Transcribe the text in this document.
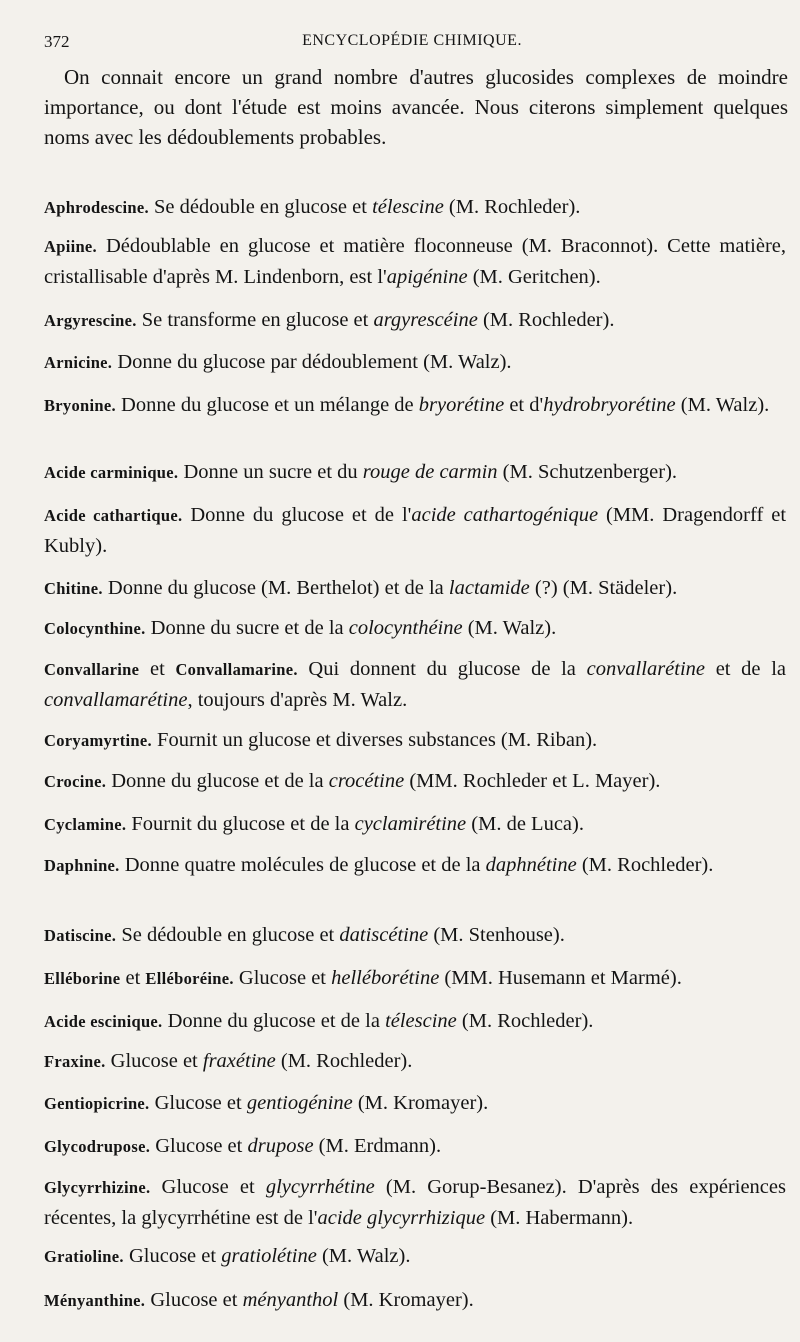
372	ENCYCLOPÉDIE CHIMIQUE.

On connait encore un grand nombre d'autres glucosides complexes de moindre importance, ou dont l'étude est moins avancée. Nous citerons simplement quelques noms avec les dédoublements probables.

Aphrodescine. Se dédouble en glucose et télescine (M. Rochleder).

Apiine. Dédoublable en glucose et matière floconneuse (M. Braconnot). Cette matière, cristallisable d'après M. Lindenborn, est l'apigénine (M. Geritchen).

Argyrescine. Se transforme en glucose et argyrescéine (M. Rochleder).

Arnicine. Donne du glucose par dédoublement (M. Walz).

Bryonine. Donne du glucose et un mélange de bryorétine et d'hydrobryorétine (M. Walz).

Acide carminique. Donne un sucre et du rouge de carmin (M. Schutzenberger).

Acide cathartique. Donne du glucose et de l'acide cathartogénique (MM. Dragendorff et Kubly).

Chitine. Donne du glucose (M. Berthelot) et de la lactamide (?) (M. Städeler).

Colocynthine. Donne du sucre et de la colocynthéine (M. Walz).

Convallarine et Convallamarine. Qui donnent du glucose de la convallarétine et de la convallamarétine, toujours d'après M. Walz.

Coryamyrtine. Fournit un glucose et diverses substances (M. Riban).

Crocine. Donne du glucose et de la crocétine (MM. Rochleder et L. Mayer).

Cyclamine. Fournit du glucose et de la cyclamirétine (M. de Luca).

Daphnine. Donne quatre molécules de glucose et de la daphnétine (M. Rochleder).

Datiscine. Se dédouble en glucose et datiscétine (M. Stenhouse).

Elléborine et Elléboréine. Glucose et helléborétine (MM. Husemann et Marmé).

Acide escinique. Donne du glucose et de la télescine (M. Rochleder).

Fraxine. Glucose et fraxétine (M. Rochleder).

Gentiopicrine. Glucose et gentiogénine (M. Kromayer).

Glycodrupose. Glucose et drupose (M. Erdmann).

Glycyrrhizine. Glucose et glycyrrhétine (M. Gorup-Besanez). D'après des expériences récentes, la glycyrrhétine est de l'acide glycyrrhizique (M. Habermann).

Gratioline. Glucose et gratiolétine (M. Walz).

Ményanthine. Glucose et ményanthol (M. Kromayer).
